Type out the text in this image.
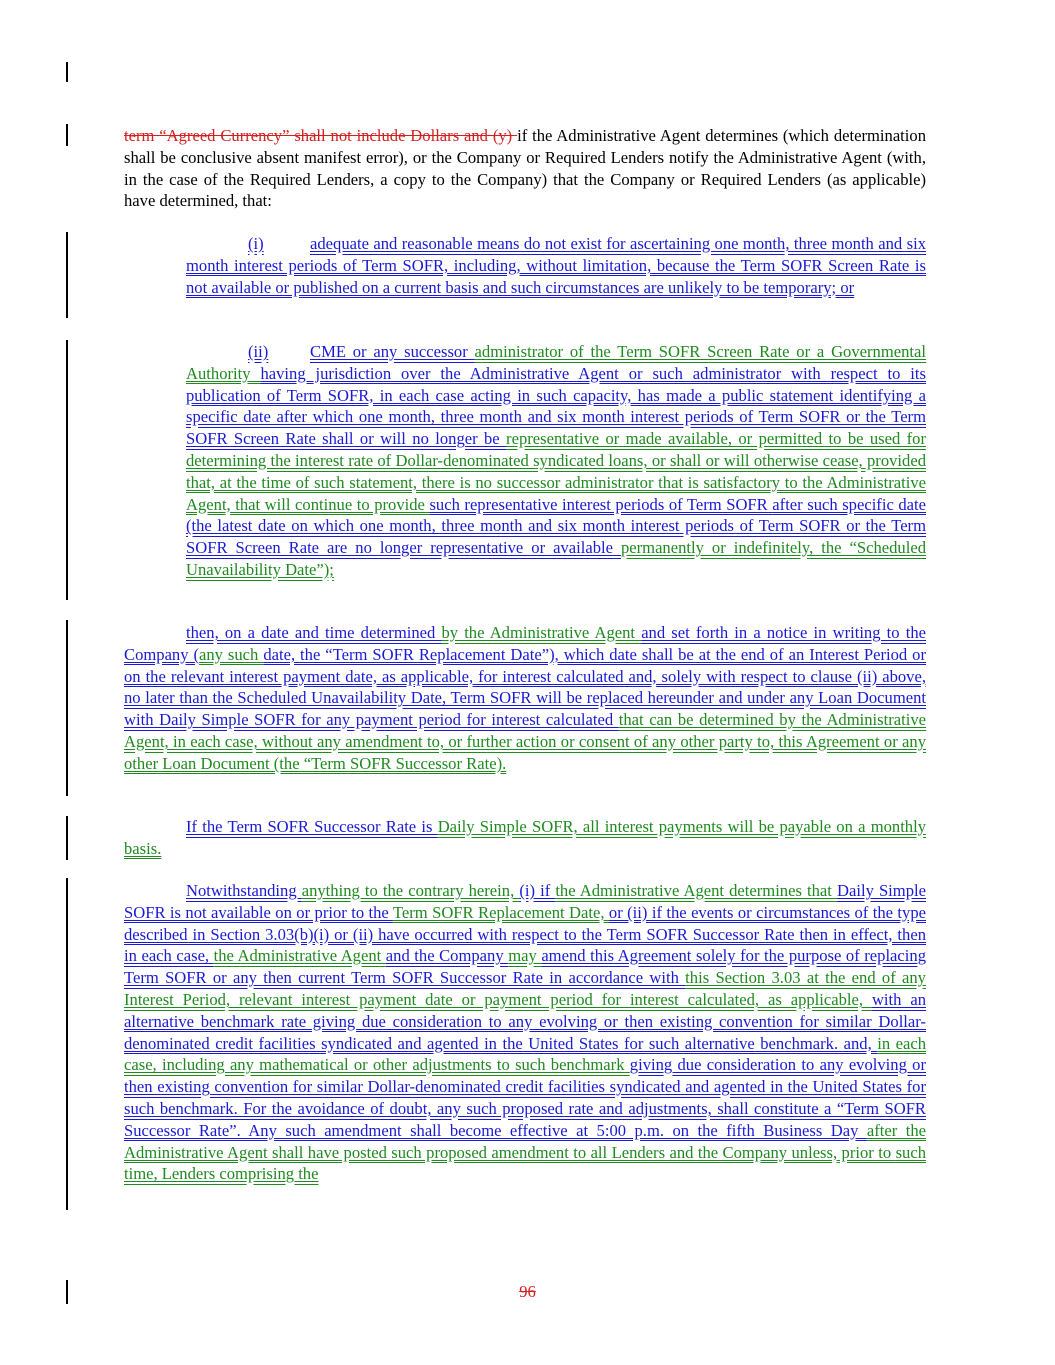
term “Agreed Currency” shall not include Dollars and (y) if the Administrative Agent determines (which determination shall be conclusive absent manifest error), or the Company or Required Lenders notify the Administrative Agent (with, in the case of the Required Lenders, a copy to the Company) that the Company or Required Lenders (as applicable) have determined, that:

(i)	adequate and reasonable means do not exist for ascertaining one month, three month and six month interest periods of Term SOFR, including, without limitation, because the Term SOFR Screen Rate is not available or published on a current basis and such circumstances are unlikely to be temporary; or

(ii)	CME or any successor administrator of the Term SOFR Screen Rate or a Governmental Authority having jurisdiction over the Administrative Agent or such administrator with respect to its publication of Term SOFR, in each case acting in such capacity, has made a public statement identifying a specific date after which one month, three month and six month interest periods of Term SOFR or the Term SOFR Screen Rate shall or will no longer be representative or made available, or permitted to be used for determining the interest rate of Dollar-denominated syndicated loans, or shall or will otherwise cease, provided that, at the time of such statement, there is no successor administrator that is satisfactory to the Administrative Agent, that will continue to provide such representative interest periods of Term SOFR after such specific date (the latest date on which one month, three month and six month interest periods of Term SOFR or the Term SOFR Screen Rate are no longer representative or available permanently or indefinitely, the “Scheduled Unavailability Date”);

then, on a date and time determined by the Administrative Agent and set forth in a notice in writing to the Company (any such date, the “Term SOFR Replacement Date”), which date shall be at the end of an Interest Period or on the relevant interest payment date, as applicable, for interest calculated and, solely with respect to clause (ii) above, no later than the Scheduled Unavailability Date, Term SOFR will be replaced hereunder and under any Loan Document with Daily Simple SOFR for any payment period for interest calculated that can be determined by the Administrative Agent, in each case, without any amendment to, or further action or consent of any other party to, this Agreement or any other Loan Document (the “Term SOFR Successor Rate).

If the Term SOFR Successor Rate is Daily Simple SOFR, all interest payments will be payable on a monthly basis.

Notwithstanding anything to the contrary herein, (i) if the Administrative Agent determines that Daily Simple SOFR is not available on or prior to the Term SOFR Replacement Date, or (ii) if the events or circumstances of the type described in Section 3.03(b)(i) or (ii) have occurred with respect to the Term SOFR Successor Rate then in effect, then in each case, the Administrative Agent and the Company may amend this Agreement solely for the purpose of replacing Term SOFR or any then current Term SOFR Successor Rate in accordance with this Section 3.03 at the end of any Interest Period, relevant interest payment date or payment period for interest calculated, as applicable, with an alternative benchmark rate giving due consideration to any evolving or then existing convention for similar Dollar-denominated credit facilities syndicated and agented in the United States for such alternative benchmark. and, in each case, including any mathematical or other adjustments to such benchmark giving due consideration to any evolving or then existing convention for similar Dollar-denominated credit facilities syndicated and agented in the United States for such benchmark. For the avoidance of doubt, any such proposed rate and adjustments, shall constitute a “Term SOFR Successor Rate”. Any such amendment shall become effective at 5:00 p.m. on the fifth Business Day after the Administrative Agent shall have posted such proposed amendment to all Lenders and the Company unless, prior to such time, Lenders comprising the

96
